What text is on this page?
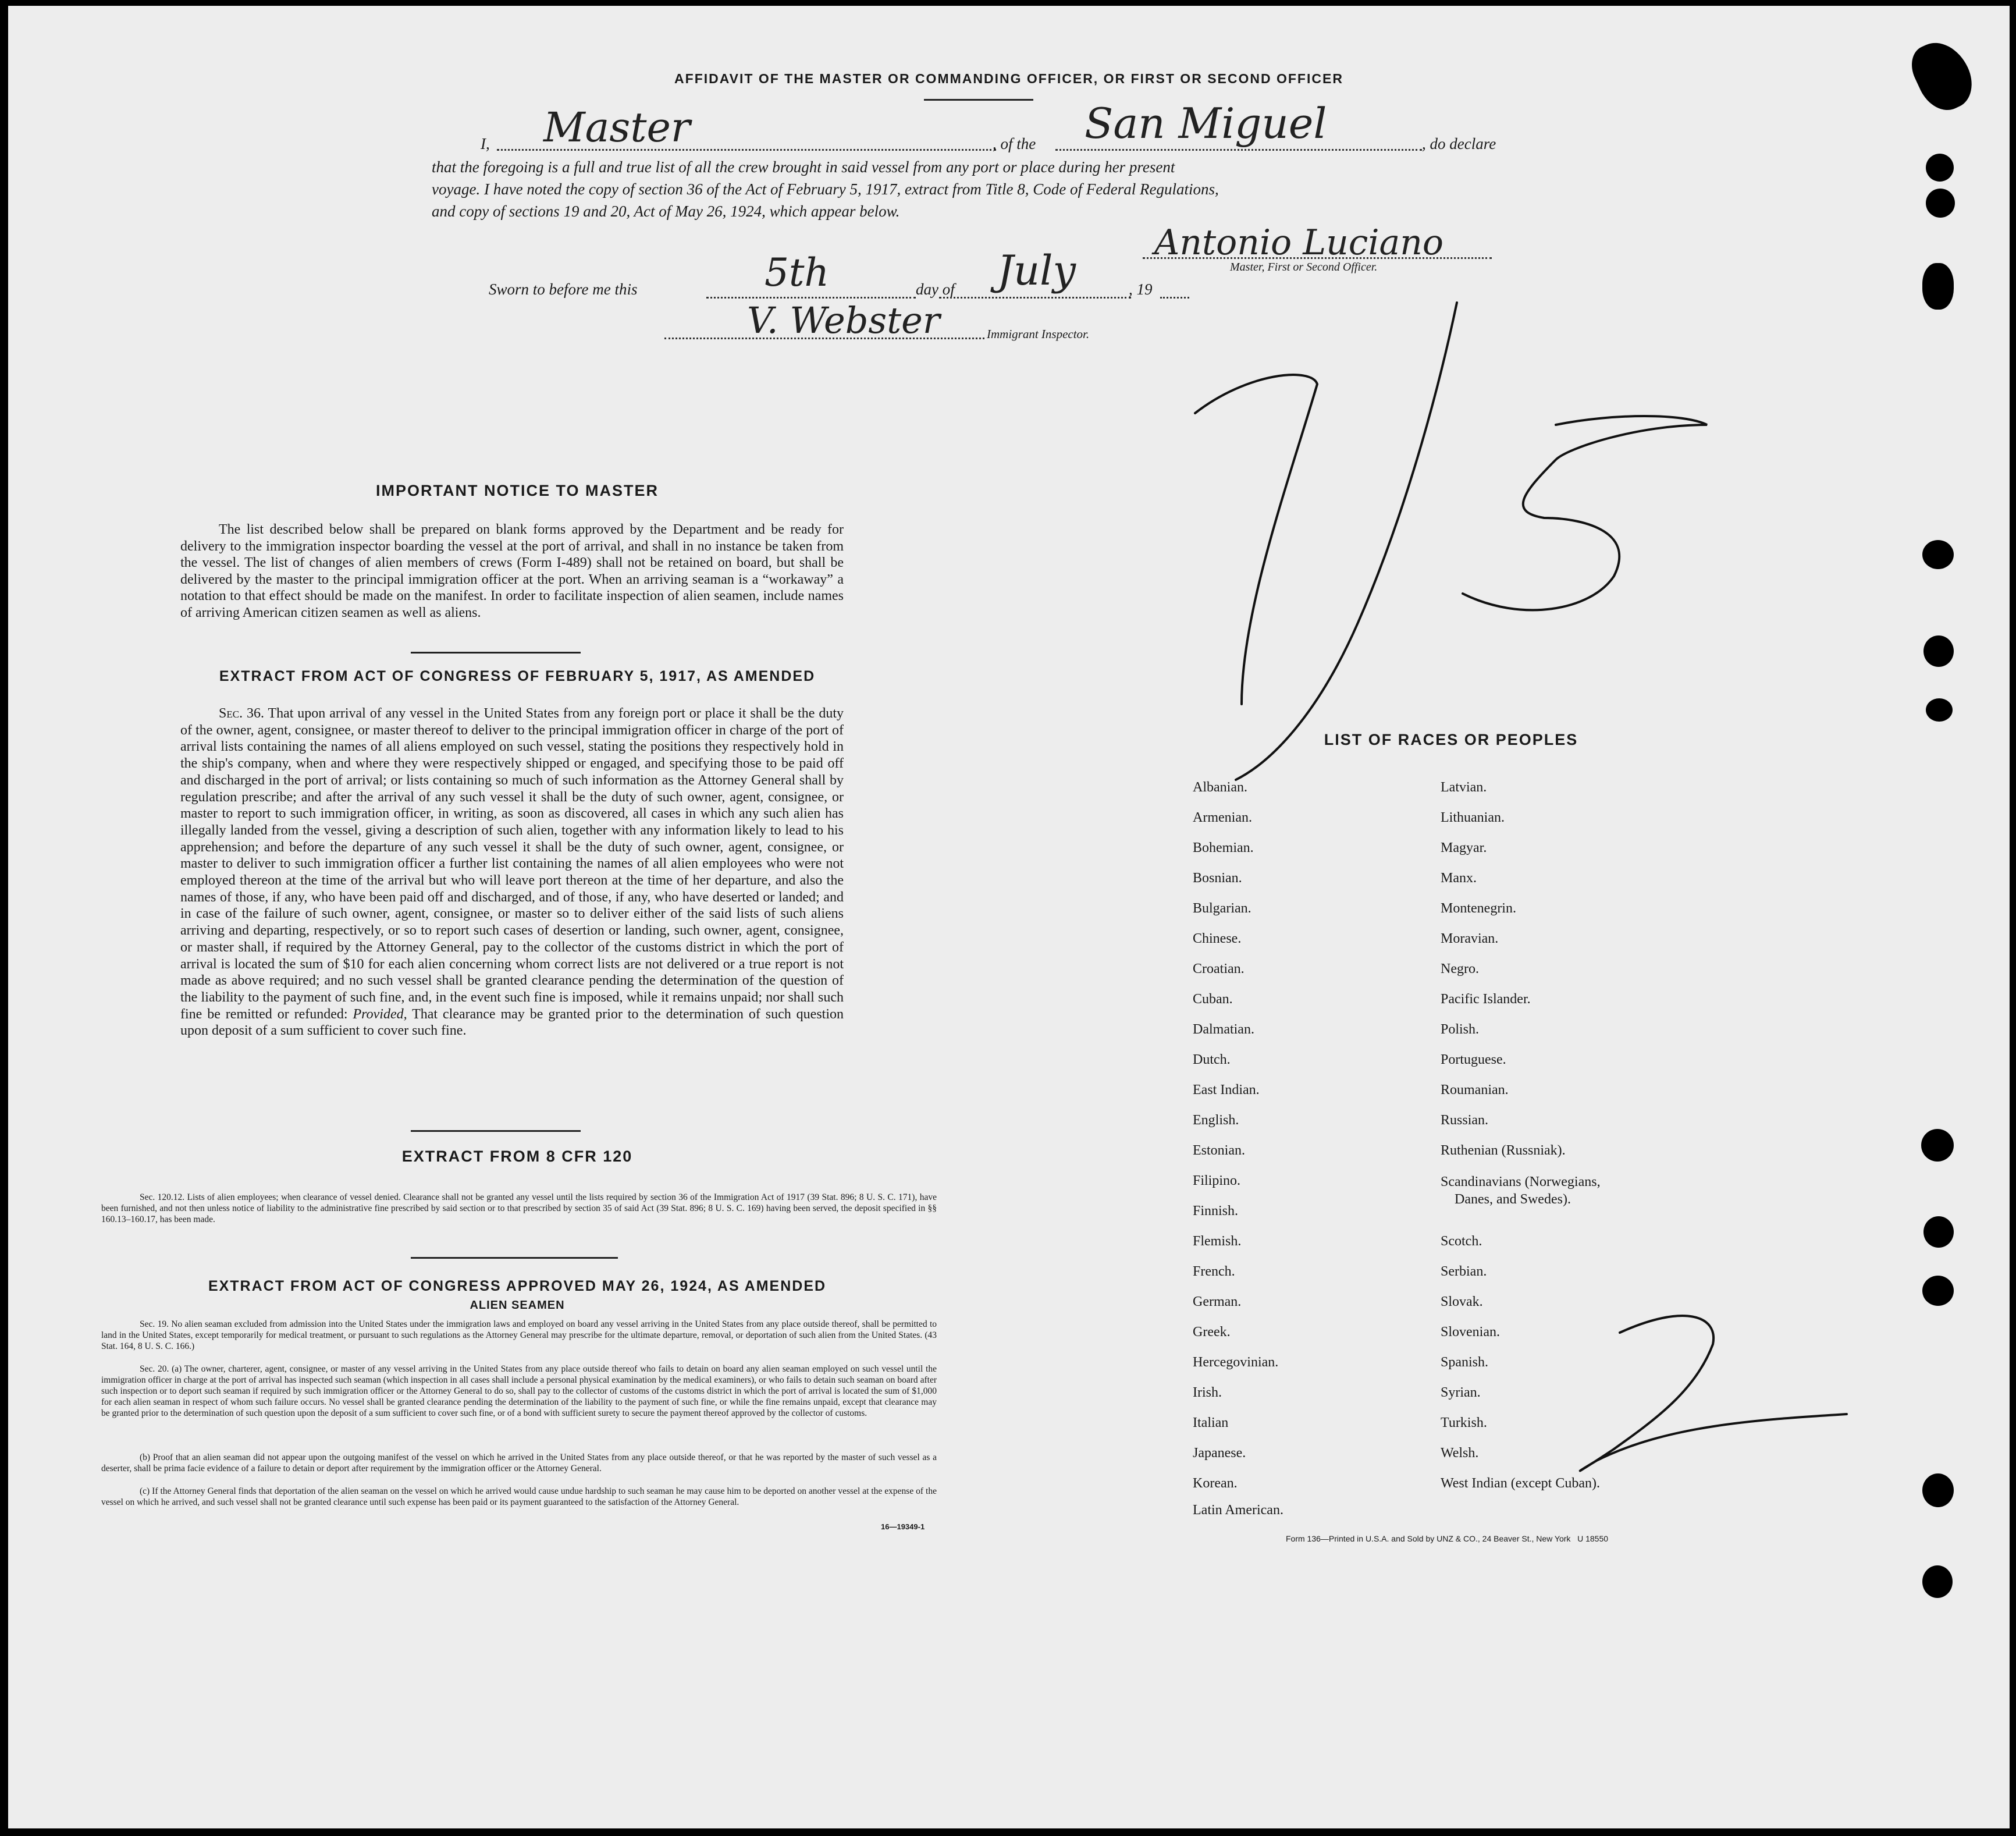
AFFIDAVIT OF THE MASTER OR COMMANDING OFFICER, OR FIRST OR SECOND OFFICER
I, Master	, of the San Miguel	, do declare
that the foregoing is a full and true list of all the crew brought in said vessel from any port or place during her present
voyage. I have noted the copy of section 36 of the Act of February 5, 1917, extract from Title 8, Code of Federal Regulations,
and copy of sections 19 and 20, Act of May 26, 1924, which appear below.
Antonio Luciano
Master, First or Second Officer.
Sworn to before me this	5th	day of July	, 19
V. Webster	Immigrant Inspector.
IMPORTANT NOTICE TO MASTER
The list described below shall be prepared on blank forms approved by the Department and be ready for delivery to the immigration inspector boarding the vessel at the port of arrival, and shall in no instance be taken from the vessel. The list of changes of alien members of crews (Form I-489) shall not be retained on board, but shall be delivered by the master to the principal immigration officer at the port. When an arriving seaman is a “workaway” a notation to that effect should be made on the manifest. In order to facilitate inspection of alien seamen, include names of arriving American citizen seamen as well as aliens.
EXTRACT FROM ACT OF CONGRESS OF FEBRUARY 5, 1917, AS AMENDED
Sec. 36. That upon arrival of any vessel in the United States from any foreign port or place it shall be the duty of the owner, agent, consignee, or master thereof to deliver to the principal immigration officer in charge of the port of arrival lists containing the names of all aliens employed on such vessel, stating the positions they respectively hold in the ship's company, when and where they were respectively shipped or engaged, and specifying those to be paid off and discharged in the port of arrival; or lists containing so much of such information as the Attorney General shall by regulation prescribe; and after the arrival of any such vessel it shall be the duty of such owner, agent, consignee, or master to report to such immigration officer, in writing, as soon as discovered, all cases in which any such alien has illegally landed from the vessel, giving a description of such alien, together with any information likely to lead to his apprehension; and before the departure of any such vessel it shall be the duty of such owner, agent, consignee, or master to deliver to such immigration officer a further list containing the names of all alien employees who were not employed thereon at the time of the arrival but who will leave port thereon at the time of her departure, and also the names of those, if any, who have been paid off and discharged, and of those, if any, who have deserted or landed; and in case of the failure of such owner, agent, consignee, or master so to deliver either of the said lists of such aliens arriving and departing, respectively, or so to report such cases of desertion or landing, such owner, agent, consignee, or master shall, if required by the Attorney General, pay to the collector of the customs district in which the port of arrival is located the sum of $10 for each alien concerning whom correct lists are not delivered or a true report is not made as above required; and no such vessel shall be granted clearance pending the determination of the question of the liability to the payment of such fine, and, in the event such fine is imposed, while it remains unpaid; nor shall such fine be remitted or refunded: Provided, That clearance may be granted prior to the determination of such question upon deposit of a sum sufficient to cover such fine.
EXTRACT FROM 8 CFR 120
Sec. 120.12. Lists of alien employees; when clearance of vessel denied. Clearance shall not be granted any vessel until the lists required by section 36 of the Immigration Act of 1917 (39 Stat. 896; 8 U. S. C. 171), have been furnished, and not then unless notice of liability to the administrative fine prescribed by said section or to that prescribed by section 35 of said Act (39 Stat. 896; 8 U. S. C. 169) having been served, the deposit specified in §§ 160.13–160.17, has been made.
EXTRACT FROM ACT OF CONGRESS APPROVED MAY 26, 1924, AS AMENDED
ALIEN SEAMEN
Sec. 19. No alien seaman excluded from admission into the United States under the immigration laws and employed on board any vessel arriving in the United States from any place outside thereof, shall be permitted to land in the United States, except temporarily for medical treatment, or pursuant to such regulations as the Attorney General may prescribe for the ultimate departure, removal, or deportation of such alien from the United States. (43 Stat. 164, 8 U. S. C. 166.)
Sec. 20. (a) The owner, charterer, agent, consignee, or master of any vessel arriving in the United States from any place outside thereof who fails to detain on board any alien seaman employed on such vessel until the immigration officer in charge at the port of arrival has inspected such seaman (which inspection in all cases shall include a personal physical examination by the medical examiners), or who fails to detain such seaman on board after such inspection or to deport such seaman if required by such immigration officer or the Attorney General to do so, shall pay to the collector of customs of the customs district in which the port of arrival is located the sum of $1,000 for each alien seaman in respect of whom such failure occurs. No vessel shall be granted clearance pending the determination of the liability to the payment of such fine, or while the fine remains unpaid, except that clearance may be granted prior to the determination of such question upon the deposit of a sum sufficient to cover such fine, or of a bond with sufficient surety to secure the payment thereof approved by the collector of customs.
(b) Proof that an alien seaman did not appear upon the outgoing manifest of the vessel on which he arrived in the United States from any place outside thereof, or that he was reported by the master of such vessel as a deserter, shall be prima facie evidence of a failure to detain or deport after requirement by the immigration officer or the Attorney General.
(c) If the Attorney General finds that deportation of the alien seaman on the vessel on which he arrived would cause undue hardship to such seaman he may cause him to be deported on another vessel at the expense of the vessel on which he arrived, and such vessel shall not be granted clearance until such expense has been paid or its payment guaranteed to the satisfaction of the Attorney General.
16—19349-1
LIST OF RACES OR PEOPLES
Albanian.
Armenian.
Bohemian.
Bosnian.
Bulgarian.
Chinese.
Croatian.
Cuban.
Dalmatian.
Dutch.
East Indian.
English.
Estonian.
Filipino.
Finnish.
Flemish.
French.
German.
Greek.
Hercegovinian.
Irish.
Italian
Japanese.
Korean.
Latin American.
Latvian.
Lithuanian.
Magyar.
Manx.
Montenegrin.
Moravian.
Negro.
Pacific Islander.
Polish.
Portuguese.
Roumanian.
Russian.
Ruthenian (Russniak).
Scandinavians (Norwegians,
Danes, and Swedes).
Scotch.
Serbian.
Slovak.
Slovenian.
Spanish.
Syrian.
Turkish.
Welsh.
West Indian (except Cuban).
Form 136—Printed in U.S.A. and Sold by UNZ & CO., 24 Beaver St., New York   U 18550
